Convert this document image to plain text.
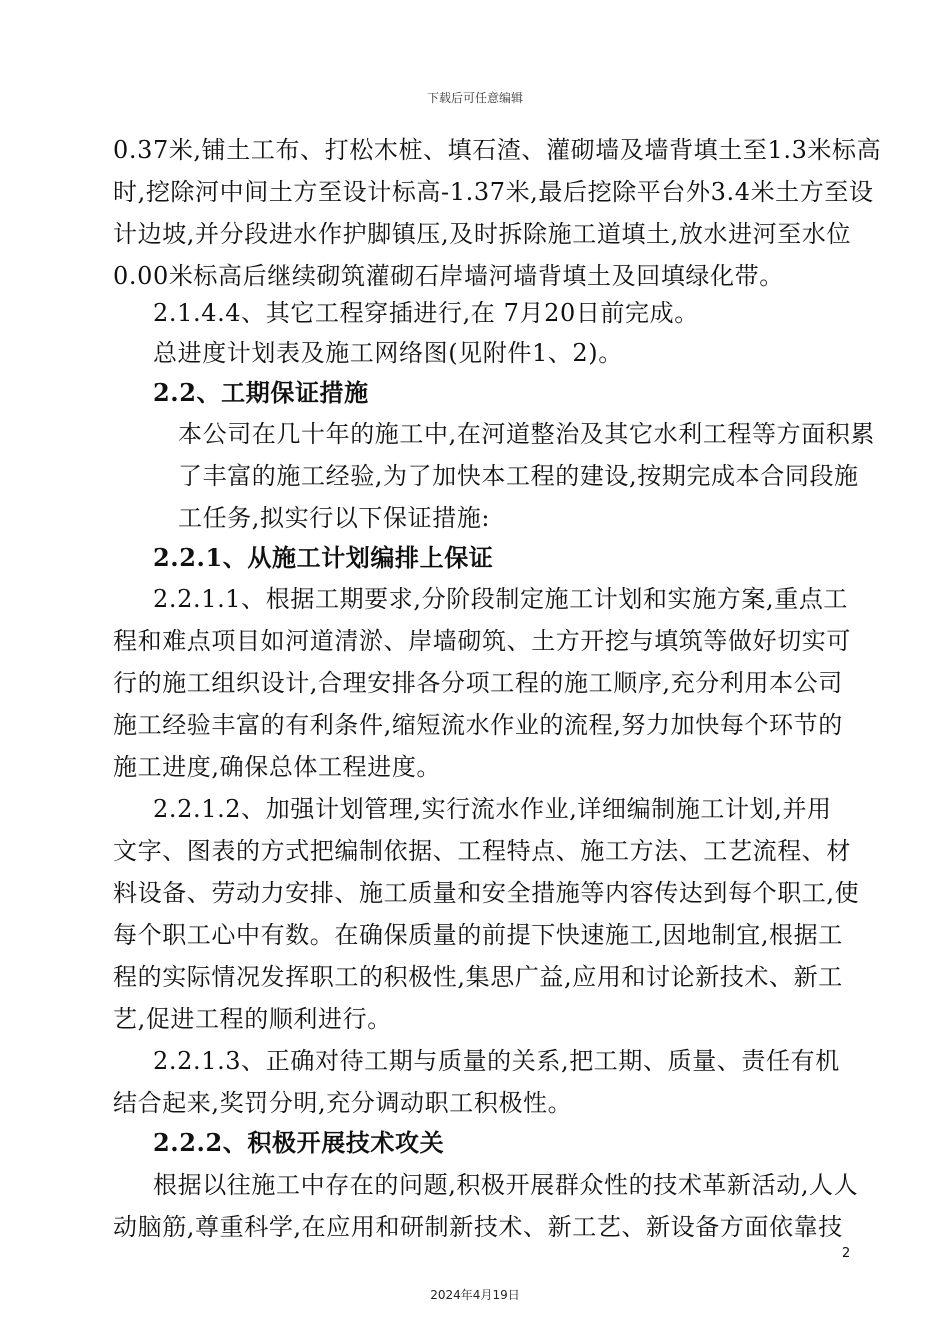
下载后可任意编辑
0.37米,铺土工布、打松木桩、填石渣、灌砌墙及墙背填土至1.3米标高
时,挖除河中间土方至设计标高-1.37米,最后挖除平台外3.4米土方至设
计边坡,并分段进水作护脚镇压,及时拆除施工道填土,放水进河至水位
0.00米标高后继续砌筑灌砌石岸墙河墙背填土及回填绿化带。
2.1.4.4、其它工程穿插进行,在 7月20日前完成。
总进度计划表及施工网络图(见附件1、2)。
2.2、工期保证措施
本公司在几十年的施工中,在河道整治及其它水利工程等方面积累
了丰富的施工经验,为了加快本工程的建设,按期完成本合同段施
工任务,拟实行以下保证措施:
2.2.1、从施工计划编排上保证
2.2.1.1、根据工期要求,分阶段制定施工计划和实施方案,重点工
程和难点项目如河道清淤、岸墙砌筑、土方开挖与填筑等做好切实可
行的施工组织设计,合理安排各分项工程的施工顺序,充分利用本公司
施工经验丰富的有利条件,缩短流水作业的流程,努力加快每个环节的
施工进度,确保总体工程进度。
2.2.1.2、加强计划管理,实行流水作业,详细编制施工计划,并用
文字、图表的方式把编制依据、工程特点、施工方法、工艺流程、材
料设备、劳动力安排、施工质量和安全措施等内容传达到每个职工,使
每个职工心中有数。在确保质量的前提下快速施工,因地制宜,根据工
程的实际情况发挥职工的积极性,集思广益,应用和讨论新技术、新工
艺,促进工程的顺利进行。
2.2.1.3、正确对待工期与质量的关系,把工期、质量、责任有机
结合起来,奖罚分明,充分调动职工积极性。
2.2.2、积极开展技术攻关
根据以往施工中存在的问题,积极开展群众性的技术革新活动,人人
动脑筋,尊重科学,在应用和研制新技术、新工艺、新设备方面依靠技
2
2024年4月19日
